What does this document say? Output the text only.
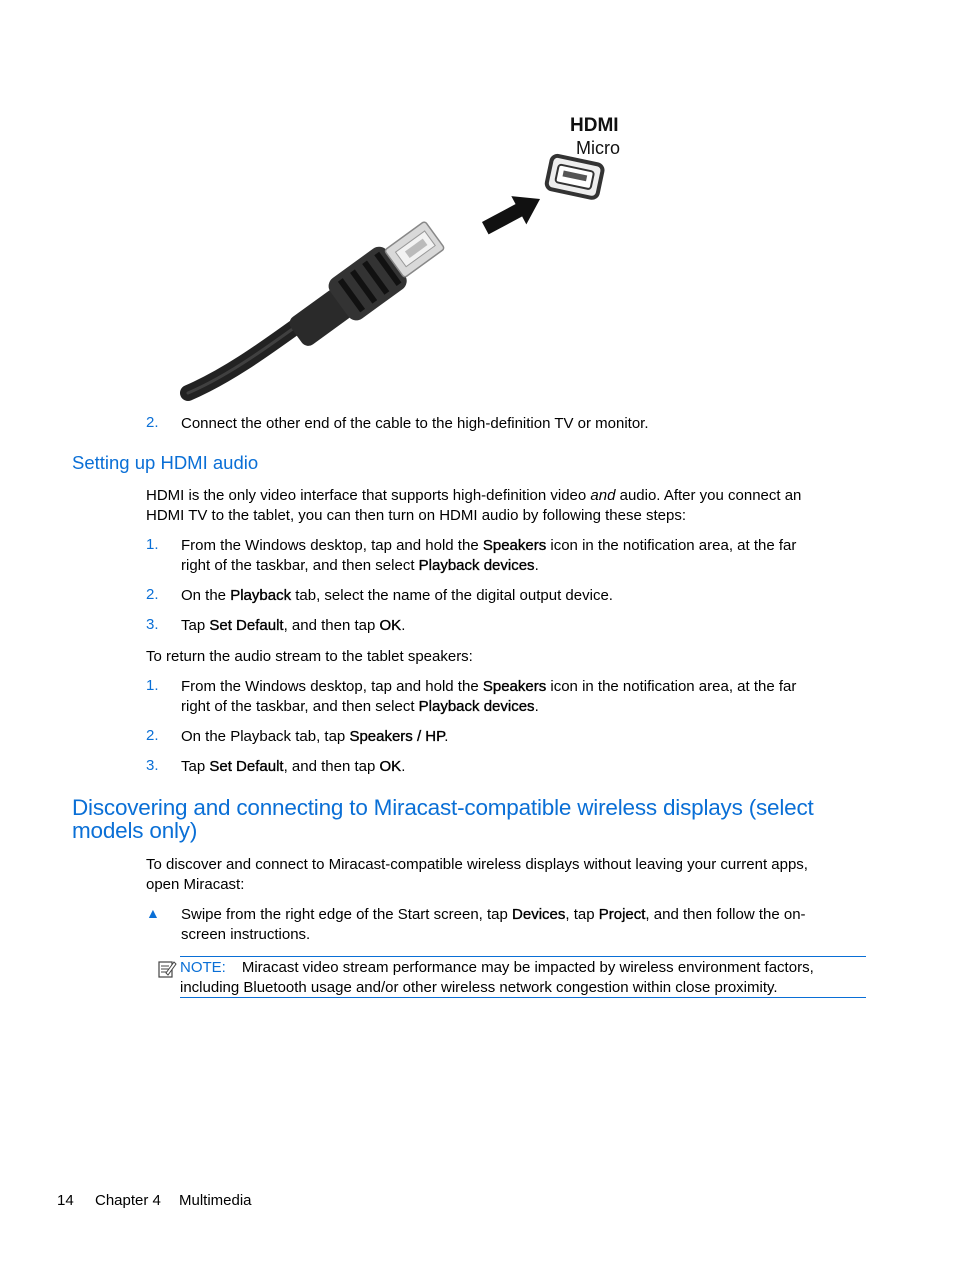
HDMI
Micro
2. Connect the other end of the cable to the high-definition TV or monitor.
Setting up HDMI audio
HDMI is the only video interface that supports high-definition video and audio. After you connect an
HDMI TV to the tablet, you can then turn on HDMI audio by following these steps:
1. From the Windows desktop, tap and hold the Speakers icon in the notification area, at the far
right of the taskbar, and then select Playback devices.
2. On the Playback tab, select the name of the digital output device.
3. Tap Set Default, and then tap OK.
To return the audio stream to the tablet speakers:
1. From the Windows desktop, tap and hold the Speakers icon in the notification area, at the far
right of the taskbar, and then select Playback devices.
2. On the Playback tab, tap Speakers / HP.
3. Tap Set Default, and then tap OK.
Discovering and connecting to Miracast-compatible wireless displays (select
models only)
To discover and connect to Miracast-compatible wireless displays without leaving your current apps,
open Miracast:
▲ Swipe from the right edge of the Start screen, tap Devices, tap Project, and then follow the on-
screen instructions.
NOTE: Miracast video stream performance may be impacted by wireless environment factors,
including Bluetooth usage and/or other wireless network congestion within close proximity.
14 Chapter 4 Multimedia
